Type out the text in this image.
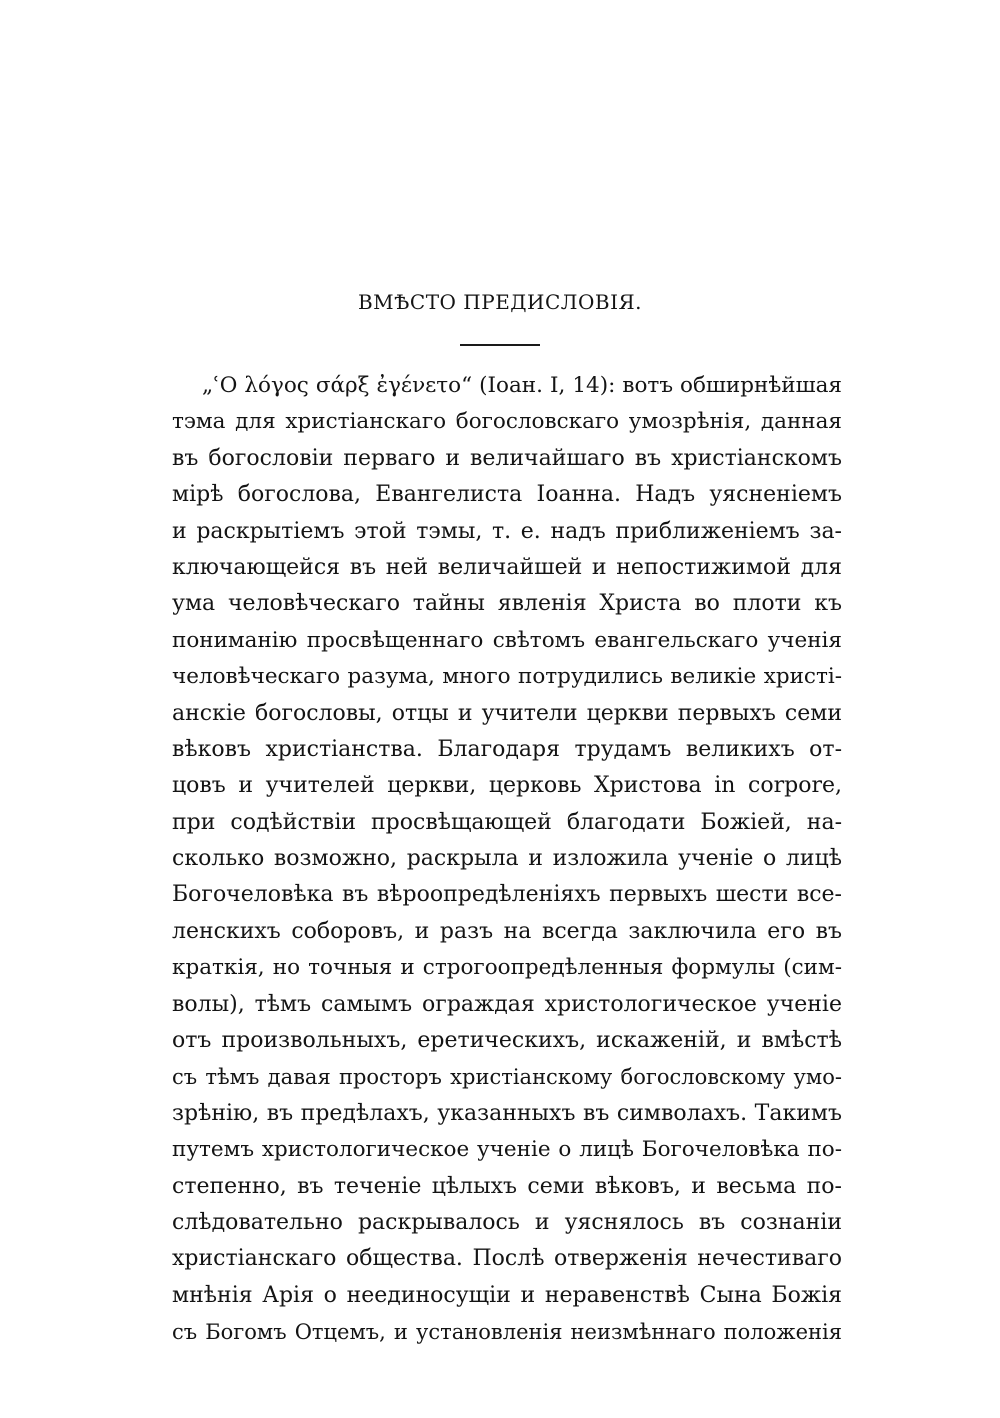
ВМѢСТО ПРЕДИСЛОВІЯ.
„ʿΟ λόγος σάρξ ἐγένετο“ (Іоан. I, 14): вотъ обширнѣйшая
тэма для христіанскаго богословскаго умозрѣнія, данная
въ богословіи перваго и величайшаго въ христіанскомъ
мірѣ богослова, Евангелиста Іоанна. Надъ уясненіемъ
и раскрытіемъ этой тэмы, т. е. надъ приближеніемъ за-
ключающейся въ ней величайшей и непостижимой для
ума человѣческаго тайны явленія Христа во плоти къ
пониманію просвѣщеннаго свѣтомъ евангельскаго ученія
человѣческаго разума, много потрудились великіе христі-
анскіе богословы, отцы и учители церкви первыхъ семи
вѣковъ христіанства. Благодаря трудамъ великихъ от-
цовъ и учителей церкви, церковь Христова in corpore,
при содѣйствіи просвѣщающей благодати Божіей, на-
сколько возможно, раскрыла и изложила ученіе о лицѣ
Богочеловѣка въ вѣроопредѣленіяхъ первыхъ шести все-
ленскихъ соборовъ, и разъ на всегда заключила его въ
краткія, но точныя и строгоопредѣленныя формулы (сим-
волы), тѣмъ самымъ ограждая христологическое ученіе
отъ произвольныхъ, еретическихъ, искаженій, и вмѣстѣ
съ тѣмъ давая просторъ христіанскому богословскому умо-
зрѣнію, въ предѣлахъ, указанныхъ въ символахъ. Такимъ
путемъ христологическое ученіе о лицѣ Богочеловѣка по-
степенно, въ теченіе цѣлыхъ семи вѣковъ, и весьма по-
слѣдовательно раскрывалось и уяснялось въ сознаніи
христіанскаго общества. Послѣ отверженія нечестиваго
мнѣнія Арія о неединосущіи и неравенствѣ Сына Божія
съ Богомъ Отцемъ, и установленія неизмѣннаго положенія
